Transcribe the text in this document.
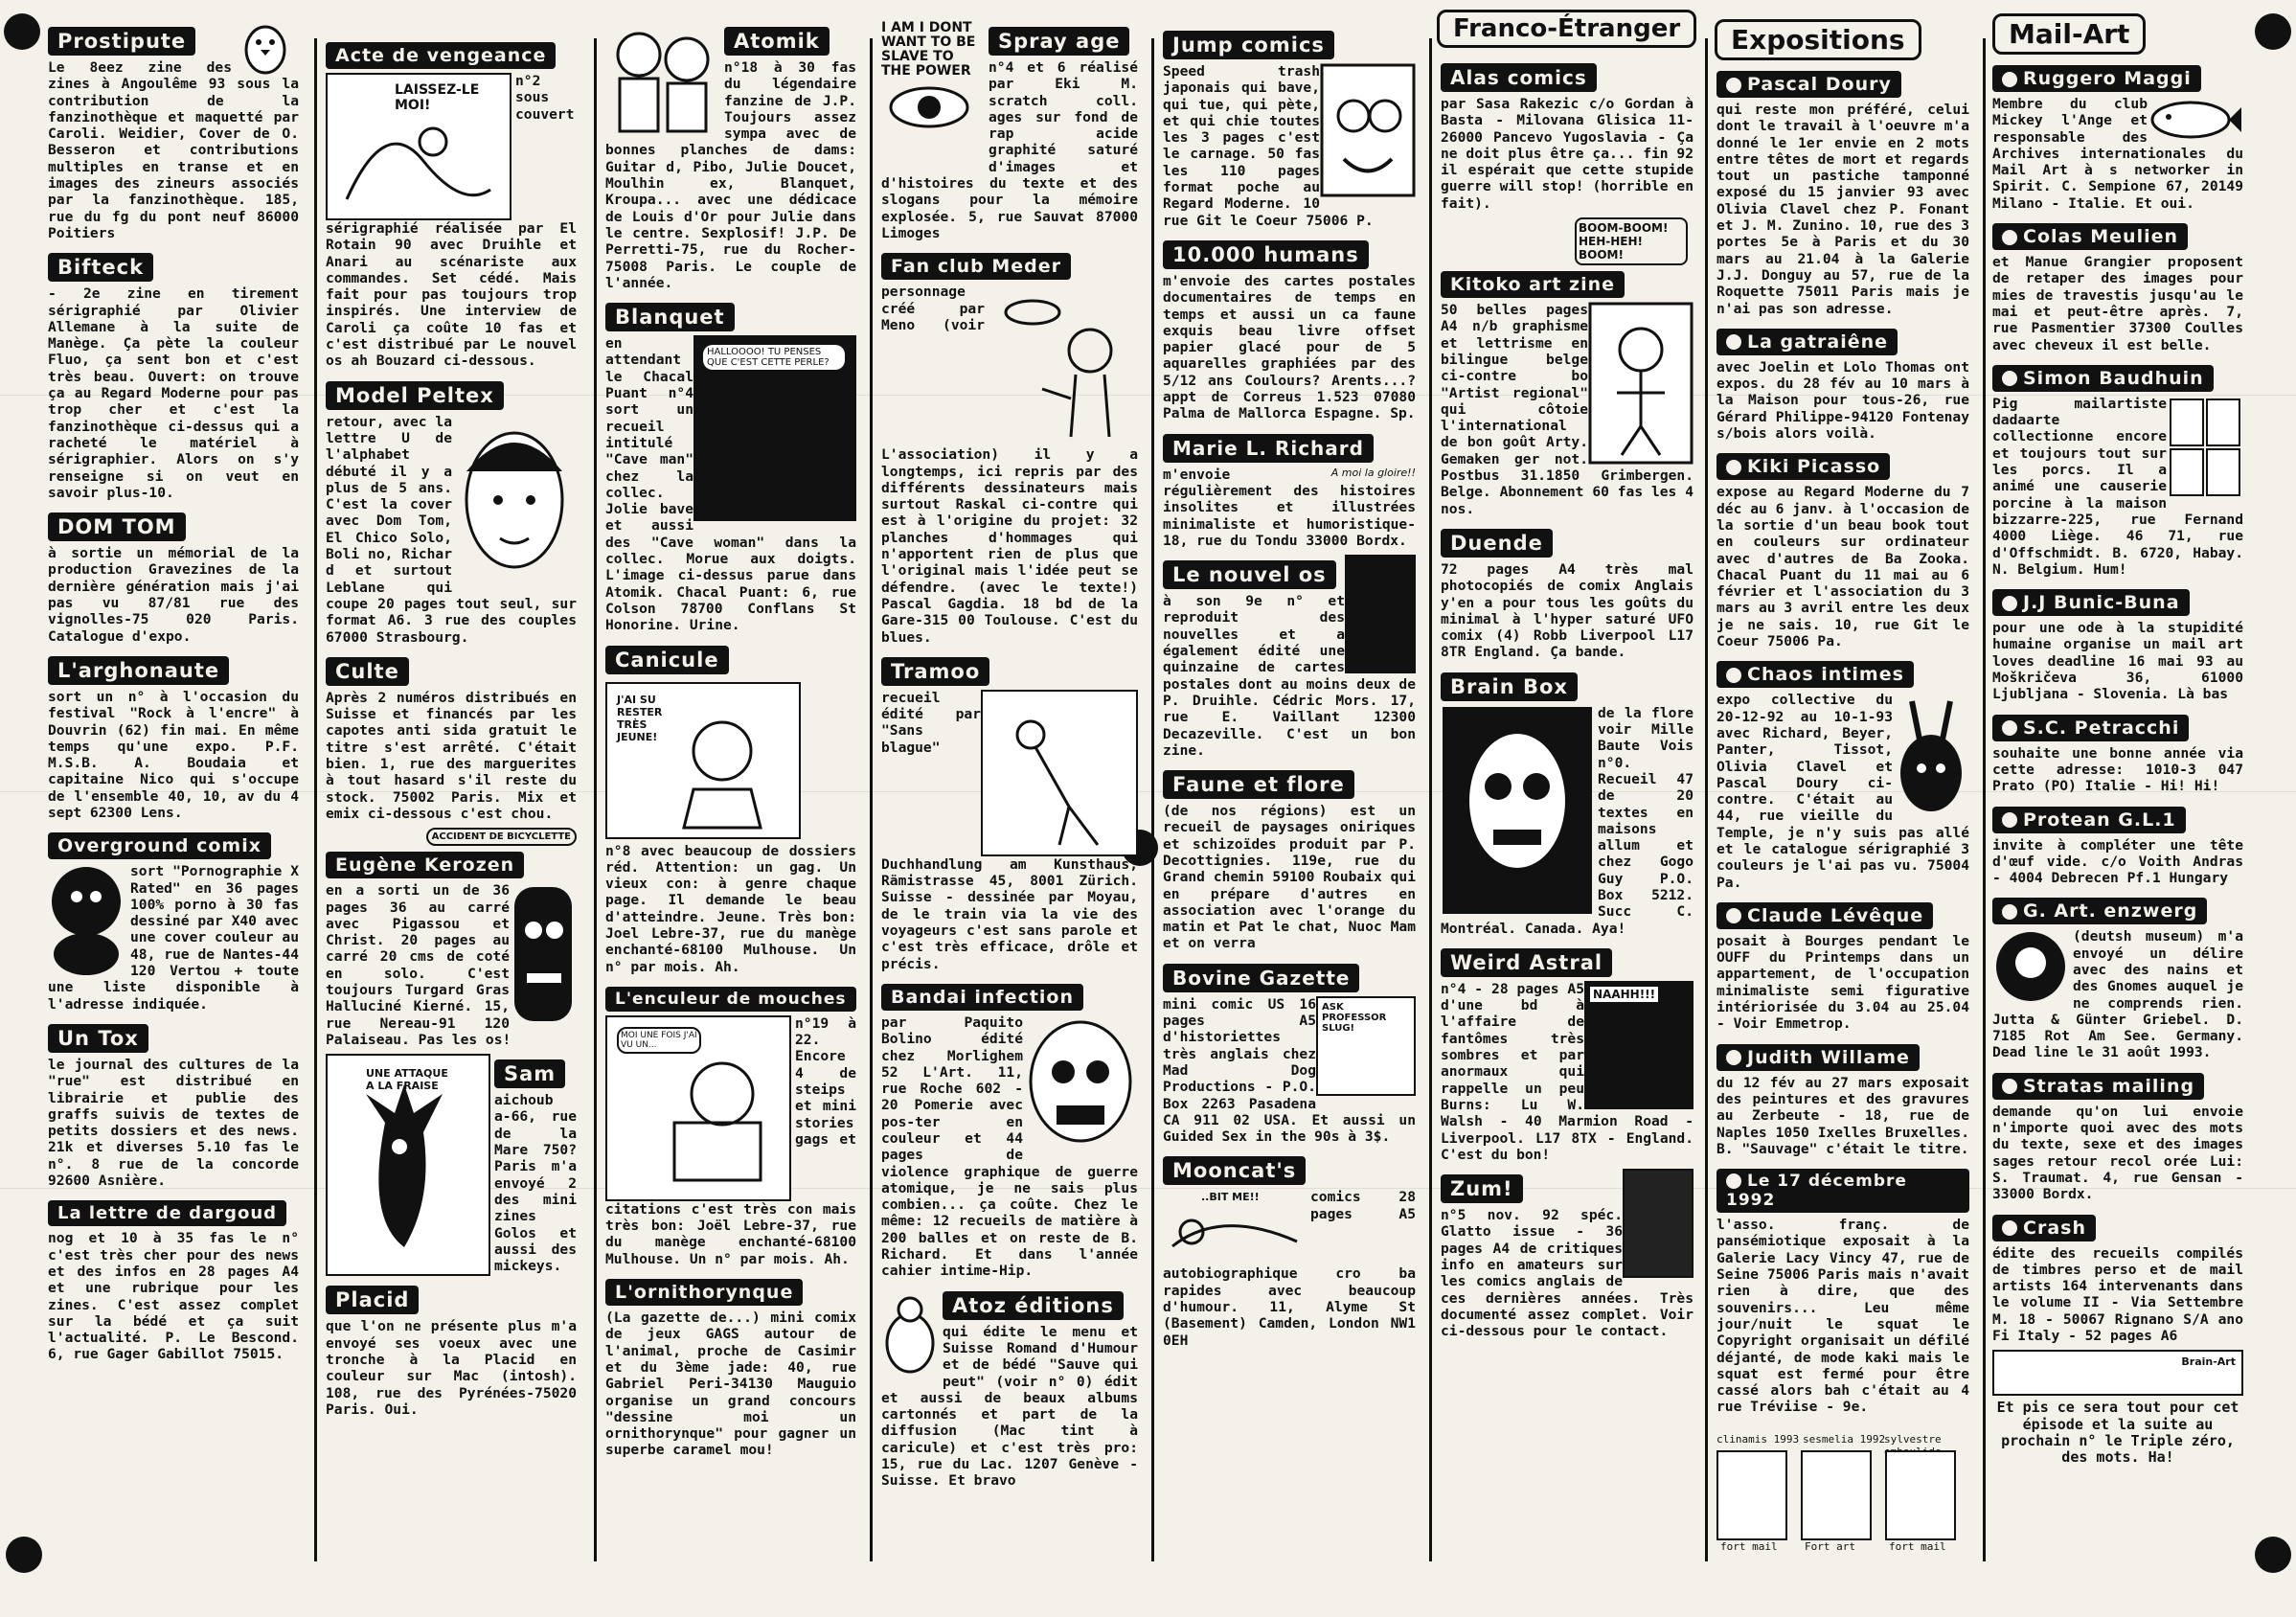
Franco-Étranger	Expositions	Mail-Art
Prostipute

Le 8eez zine des zines à Angoulême 93 sous la contribution de la fanzinothèque et maquetté par Caroli. Weidier, Cover de O. Besseron et contributions multiples en transe et en images des zineurs associés par la fanzinothèque. 185, rue du fg du pont neuf 86000 Poitiers

Bifteck

- 2e zine en tirement sérigraphié par Olivier Allemane à la suite de Manège. Ça pète la couleur Fluo, ça sent bon et c'est très beau. Ouvert: on trouve ça au Regard Moderne pour pas trop cher et c'est la fanzinothèque ci-dessus qui a racheté le matériel à sérigraphier. Alors on s'y renseigne si on veut en savoir plus-10.

DOM TOM

à sortie un mémorial de la production Gravezines de la dernière génération mais j'ai pas vu 87/81 rue des vignolles-75 020 Paris. Catalogue d'expo.

L'arghonaute

sort un n° à l'occasion du festival "Rock à l'encre" à Douvrin (62) fin mai. En même temps qu'une expo. P.F. M.S.B. A. Boudaia et capitaine Nico qui s'occupe de l'ensemble 40, 10, av du 4 sept 62300 Lens.

Overground comix

sort "Pornographie X Rated" en 36 pages 100% porno à 30 fas dessiné par X40 avec une cover couleur au 48, rue de Nantes-44 120 Vertou + toute une liste disponible à l'adresse indiquée.

Un Tox

le journal des cultures de la "rue" est distribué en librairie et publie des graffs suivis de textes de petits dossiers et des news. 21k et diverses 5.10 fas le n°. 8 rue de la concorde 92600 Asnière.

La lettre de dargoud

nog et 10 à 35 fas le n° c'est très cher pour des news et des infos en 28 pages A4 et une rubrique pour les zines. C'est assez complet sur la bédé et ça suit l'actualité. P. Le Bescond. 6, rue Gager Gabillot 75015.

Acte de vengeance
LAISSEZ-LE MOI!

n°2 sous couvert sérigraphié réalisée par El Rotain 90 avec Druihle et Anari au scénariste aux commandes. Set cédé. Mais fait pour pas toujours trop inspirés. Une interview de Caroli ça coûte 10 fas et c'est distribué par Le nouvel os ah Bouzard ci-dessous.

Model Peltex

retour, avec la lettre U de l'alphabet débuté il y a plus de 5 ans. C'est la cover avec Dom Tom, El Chico Solo, Boli no, Richar d et surtout Leblane qui coupe 20 pages tout seul, sur format A6. 3 rue des couples 67000 Strasbourg.

Culte

Après 2 numéros distribués en Suisse et financés par les capotes anti sida gratuit le titre s'est arrêté. C'était bien. 1, rue des marguerites à tout hasard s'il reste du stock. 75002 Paris. Mix et emix ci-dessous c'est chou.

ACCIDENT DE BICYCLETTE
Eugène Kerozen

en a sorti un de 36 pages 36 au carré avec Pigassou et Christ. 20 pages au carré 20 cms de coté en solo. C'est toujours Turgard Gras Halluciné Kierné. 15, rue Nereau-91 120 Palaiseau. Pas les os!

UNE ATTAQUE A LA FRAISE
Sam

aichoub a-66, rue de la Mare 750? Paris m'a envoyé 2 des mini zines Golos et aussi des mickeys.

Placid

que l'on ne présente plus m'a envoyé ses voeux avec une tronche à la Placid en couleur sur Mac (intosh). 108, rue des Pyrénées-75020 Paris. Oui.

Atomik

n°18 à 30 fas du légendaire fanzine de J.P. Toujours assez sympa avec de bonnes planches de dams: Guitar d, Pibo, Julie Doucet, Moulhin ex, Blanquet, Kroupa... avec une dédicace de Louis d'Or pour Julie dans le centre. Sexplosif! J.P. De Perretti-75, rue du Rocher-75008 Paris. Le couple de l'année.

Blanquet
HALLOOOO! TU PENSES QUE C'EST CETTE PERLE?

en attendant le Chacal Puant n°4 sort un recueil intitulé "Cave man" chez la collec. Jolie bave et aussi des "Cave woman" dans la collec. Morue aux doigts. L'image ci-dessus parue dans Atomik. Chacal Puant: 6, rue Colson 78700 Conflans St Honorine. Urine.

Canicule
J'AI SU RESTER TRÈS JEUNE!

n°8 avec beaucoup de dossiers réd. Attention: un gag. Un vieux con: à genre chaque page. Il demande le beau d'atteindre. Jeune. Très bon: Joel Lebre-37, rue du manège enchanté-68100 Mulhouse. Un n° par mois. Ah.

L'enculeur de mouches
MOI UNE FOIS J'AI VU UN...

n°19 à 22. Encore 4 de steips et mini stories gags et citations c'est très con mais très bon: Joël Lebre-37, rue du manège enchanté-68100 Mulhouse. Un n° par mois. Ah.

L'ornithorynque

(La gazette de...) mini comix de jeux GAGS autour de l'animal, proche de Casimir et du 3ème jade: 40, rue Gabriel Peri-34130 Mauguio organise un grand concours "dessine moi un ornithorynque" pour gagner un superbe caramel mou!

Spray age
I AM I DONT WANT TO BE SLAVE TO THE POWER	n°4 et 6 réalisé par Eki M. scratch coll. ages sur fond de rap acide graphité saturé d'images et d'histoires du texte et des slogans pour la mémoire explosée. 5, rue Sauvat 87000 Limoges

Fan club Meder

personnage créé par Meno (voir L'association) il y a longtemps, ici repris par des différents dessinateurs mais surtout Raskal ci-contre qui est à l'origine du projet: 32 planches d'hommages qui n'apportent rien de plus que l'original mais l'idée peut se défendre. (avec le texte!) Pascal Gagdia. 18 bd de la Gare-315 00 Toulouse. C'est du blues.

Tramoo

recueil édité par "Sans blague" Duchhandlung am Kunsthaus, Rämistrasse 45, 8001 Zürich. Suisse - dessinée par Moyau, de le train via la vie des voyageurs c'est sans parole et c'est très efficace, drôle et précis.

Bandai infection

par Paquito Bolino édité chez Morlighem 52 L'Art. 11, rue Roche 602 - 20 Pomerie avec pos-ter en couleur et 44 pages de violence graphique de guerre atomique, je ne sais plus combien... ça coûte. Chez le même: 12 recueils de matière à 200 balles et on reste de B. Richard. Et dans l'année cahier intime-Hip.

Atoz éditions

qui édite le menu et Suisse Romand d'Humour et de bédé "Sauve qui peut" (voir n° 0) édit et aussi de beaux albums cartonnés et part de la diffusion (Mac tint à caricule) et c'est très pro: 15, rue du Lac. 1207 Genève - Suisse. Et bravo

Jump comics

Speed trash japonais qui bave, qui tue, qui pète, et qui chie toutes les 3 pages c'est le carnage. 50 fas les 110 pages format poche au Regard Moderne. 10 rue Git le Coeur 75006 P.

10.000 humans

m'envoie des cartes postales documentaires de temps en temps et aussi un ca faune exquis beau livre offset papier glacé pour de 5 aquarelles graphiées par des 5/12 ans Coulours? Arents...? appt de Correus 1.523 07080 Palma de Mallorca Espagne. Sp.

Marie L. Richard
A moi la gloire!!

m'envoie régulièrement des histoires insolites et illustrées minimaliste et humoristique-18, rue du Tondu 33000 Bordx.

Le nouvel os

à son 9e n° et reproduit des nouvelles et a également édité une quinzaine de cartes postales dont au moins deux de P. Druihle. Cédric Mors. 17, rue E. Vaillant 12300 Decazeville. C'est un bon zine.

Faune et flore

(de nos régions) est un recueil de paysages oniriques et schizoïdes produit par P. Decottignies. 119e, rue du Grand chemin 59100 Roubaix qui en prépare d'autres en association avec l'orange du matin et Pat le chat, Nuoc Mam et on verra

Bovine Gazette
ASK PROFESSOR SLUG!

mini comic US 16 pages A5 d'historiettes très anglais chez Mad Dog Productions - P.O. Box 2263 Pasadena CA 911 02 USA. Et aussi un Guided Sex in the 90s à 3$.

Mooncat's
..BIT ME!!	comics 28 pages A5 autobiographique cro ba rapides avec beaucoup d'humour. 11, Alyme St (Basement) Camden, London NW1 0EH

Alas comics

par Sasa Rakezic c/o Gordan à Basta - Milovana Glisica 11-26000 Pancevo Yugoslavia - Ça ne doit plus être ça... fin 92 il espérait que cette stupide guerre will stop! (horrible en fait).

BOOM-BOOM! HEH-HEH! BOOM!
Kitoko art zine

50 belles pages A4 n/b graphisme et lettrisme en bilingue belge ci-contre bo "Artist regional" qui côtoie l'international de bon goût Arty. Gemaken ger not. Postbus 31.1850 Grimbergen. Belge. Abonnement 60 fas les 4 nos.

Duende

72 pages A4 très mal photocopiés de comix Anglais y'en a pour tous les goûts du minimal à l'hyper saturé UFO comix (4) Robb Liverpool L17 8TR England. Ça bande.

Brain Box

de la flore voir Mille Baute Vois n°0. Recueil 47 de 20 textes en maisons allum et chez Gogo Guy P.O. Box 5212. Succ C. Montréal. Canada. Aya!

Weird Astral
NAAHH!!!

n°4 - 28 pages A5 d'une bd à l'affaire de fantômes très sombres et par anormaux qui rappelle un peu Burns: Lu W. Walsh - 40 Marmion Road - Liverpool. L17 8TX - England. C'est du bon!

Zum!

n°5 nov. 92 spéc. Glatto issue - 36 pages A4 de critiques info en amateurs sur les comics anglais de ces dernières années. Très documenté assez complet. Voir ci-dessous pour le contact.

Pascal Doury

qui reste mon préféré, celui dont le travail à l'oeuvre m'a donné le 1er envie en 2 mots entre têtes de mort et regards tout un pastiche tamponné exposé du 15 janvier 93 avec Olivia Clavel chez P. Fonant et J. M. Zunino. 10, rue des 3 portes 5e à Paris et du 30 mars au 21.04 à la Galerie J.J. Donguy au 57, rue de la Roquette 75011 Paris mais je n'ai pas son adresse.

La gatraiêne

avec Joelin et Lolo Thomas ont expos. du 28 fév au 10 mars à la Maison pour tous-26, rue Gérard Philippe-94120 Fontenay s/bois alors voilà.

Kiki Picasso

expose au Regard Moderne du 7 déc au 6 janv. à l'occasion de la sortie d'un beau book tout en couleurs sur ordinateur avec d'autres de Ba Zooka. Chacal Puant du 11 mai au 6 février et l'association du 3 mars au 3 avril entre les deux je ne sais. 10, rue Git le Coeur 75006 Pa.

Chaos intimes

expo collective du 20-12-92 au 10-1-93 avec Richard, Beyer, Panter, Tissot, Olivia Clavel et Pascal Doury ci-contre. C'était au 44, rue vieille du Temple, je n'y suis pas allé et le catalogue sérigraphié 3 couleurs je l'ai pas vu. 75004 Pa.

Claude Lévêque

posait à Bourges pendant le OUFF du Printemps dans un appartement, de l'occupation minimaliste semi figurative intériorisée du 3.04 au 25.04 - Voir Emmetrop.

Judith Willame

du 12 fév au 27 mars exposait des peintures et des gravures au Zerbeute - 18, rue de Naples 1050 Ixelles Bruxelles. B. "Sauvage" c'était le titre.

Le 17 décembre 1992

l'asso. franç. de pansémiotique exposait à la Galerie Lacy Vincy 47, rue de Seine 75006 Paris mais n'avait rien à dire, que des souvenirs... Leu même jour/nuit le squat le Copyright organisait un défilé déjanté, de mode kaki mais le squat est fermé pour être cassé alors bah c'était au 4 rue Tréviise - 9e.

clinamis 1993 sesmelia 1992
sylvestre
fort mail	Fort art	fort mail
Ruggero Maggi

Membre du club Mickey l'Ange et responsable des Archives internationales du Mail Art à s networker in Spirit. C. Sempione 67, 20149 Milano - Italie. Et oui.

Colas Meulien

et Manue Grangier proposent de retaper des images pour mies de travestis jusqu'au le mai et peut-être après. 7, rue Pasmentier 37300 Coulles avec cheveux il est belle.

Simon Baudhuin

Pig mailartiste dadaarte collectionne encore et toujours tout sur les porcs. Il a animé une causerie porcine à la maison bizzarre-225, rue Fernand 4000 Liège. 46 71, rue d'Offschmidt. B. 6720, Habay. N. Belgium. Hum!

J.J Bunic-Buna

pour une ode à la stupidité humaine organise un mail art loves deadline 16 mai 93 au Moškričeva 36, 61000 Ljubljana - Slovenia. Là bas

S.C. Petracchi

souhaite une bonne année via cette adresse: 1010-3 047 Prato (PO) Italie - Hi! Hi!

Protean G.L.1

invite à compléter une tête d'œuf vide. c/o Voith Andras - 4004 Debrecen Pf.1 Hungary

G. Art. enzwerg

(deutsh museum) m'a envoyé un délire avec des nains et des Gnomes auquel je ne comprends rien. Jutta & Günter Griebel. D. 7185 Rot Am See. Germany. Dead line le 31 août 1993.

Stratas mailing

demande qu'on lui envoie n'importe quoi avec des mots du texte, sexe et des images sages retour recol orée Lui: S. Traumat. 4, rue Gensan - 33000 Bordx.

Crash

édite des recueils compilés de timbres perso et de mail artists 164 intervenants dans le volume II - Via Settembre M. 18 - 50067 Rignano S/A ano Fi Italy - 52 pages A6

Brain-Art

Et pis ce sera tout pour cet épisode et la suite au prochain n° le Triple zéro, des mots. Ha!
